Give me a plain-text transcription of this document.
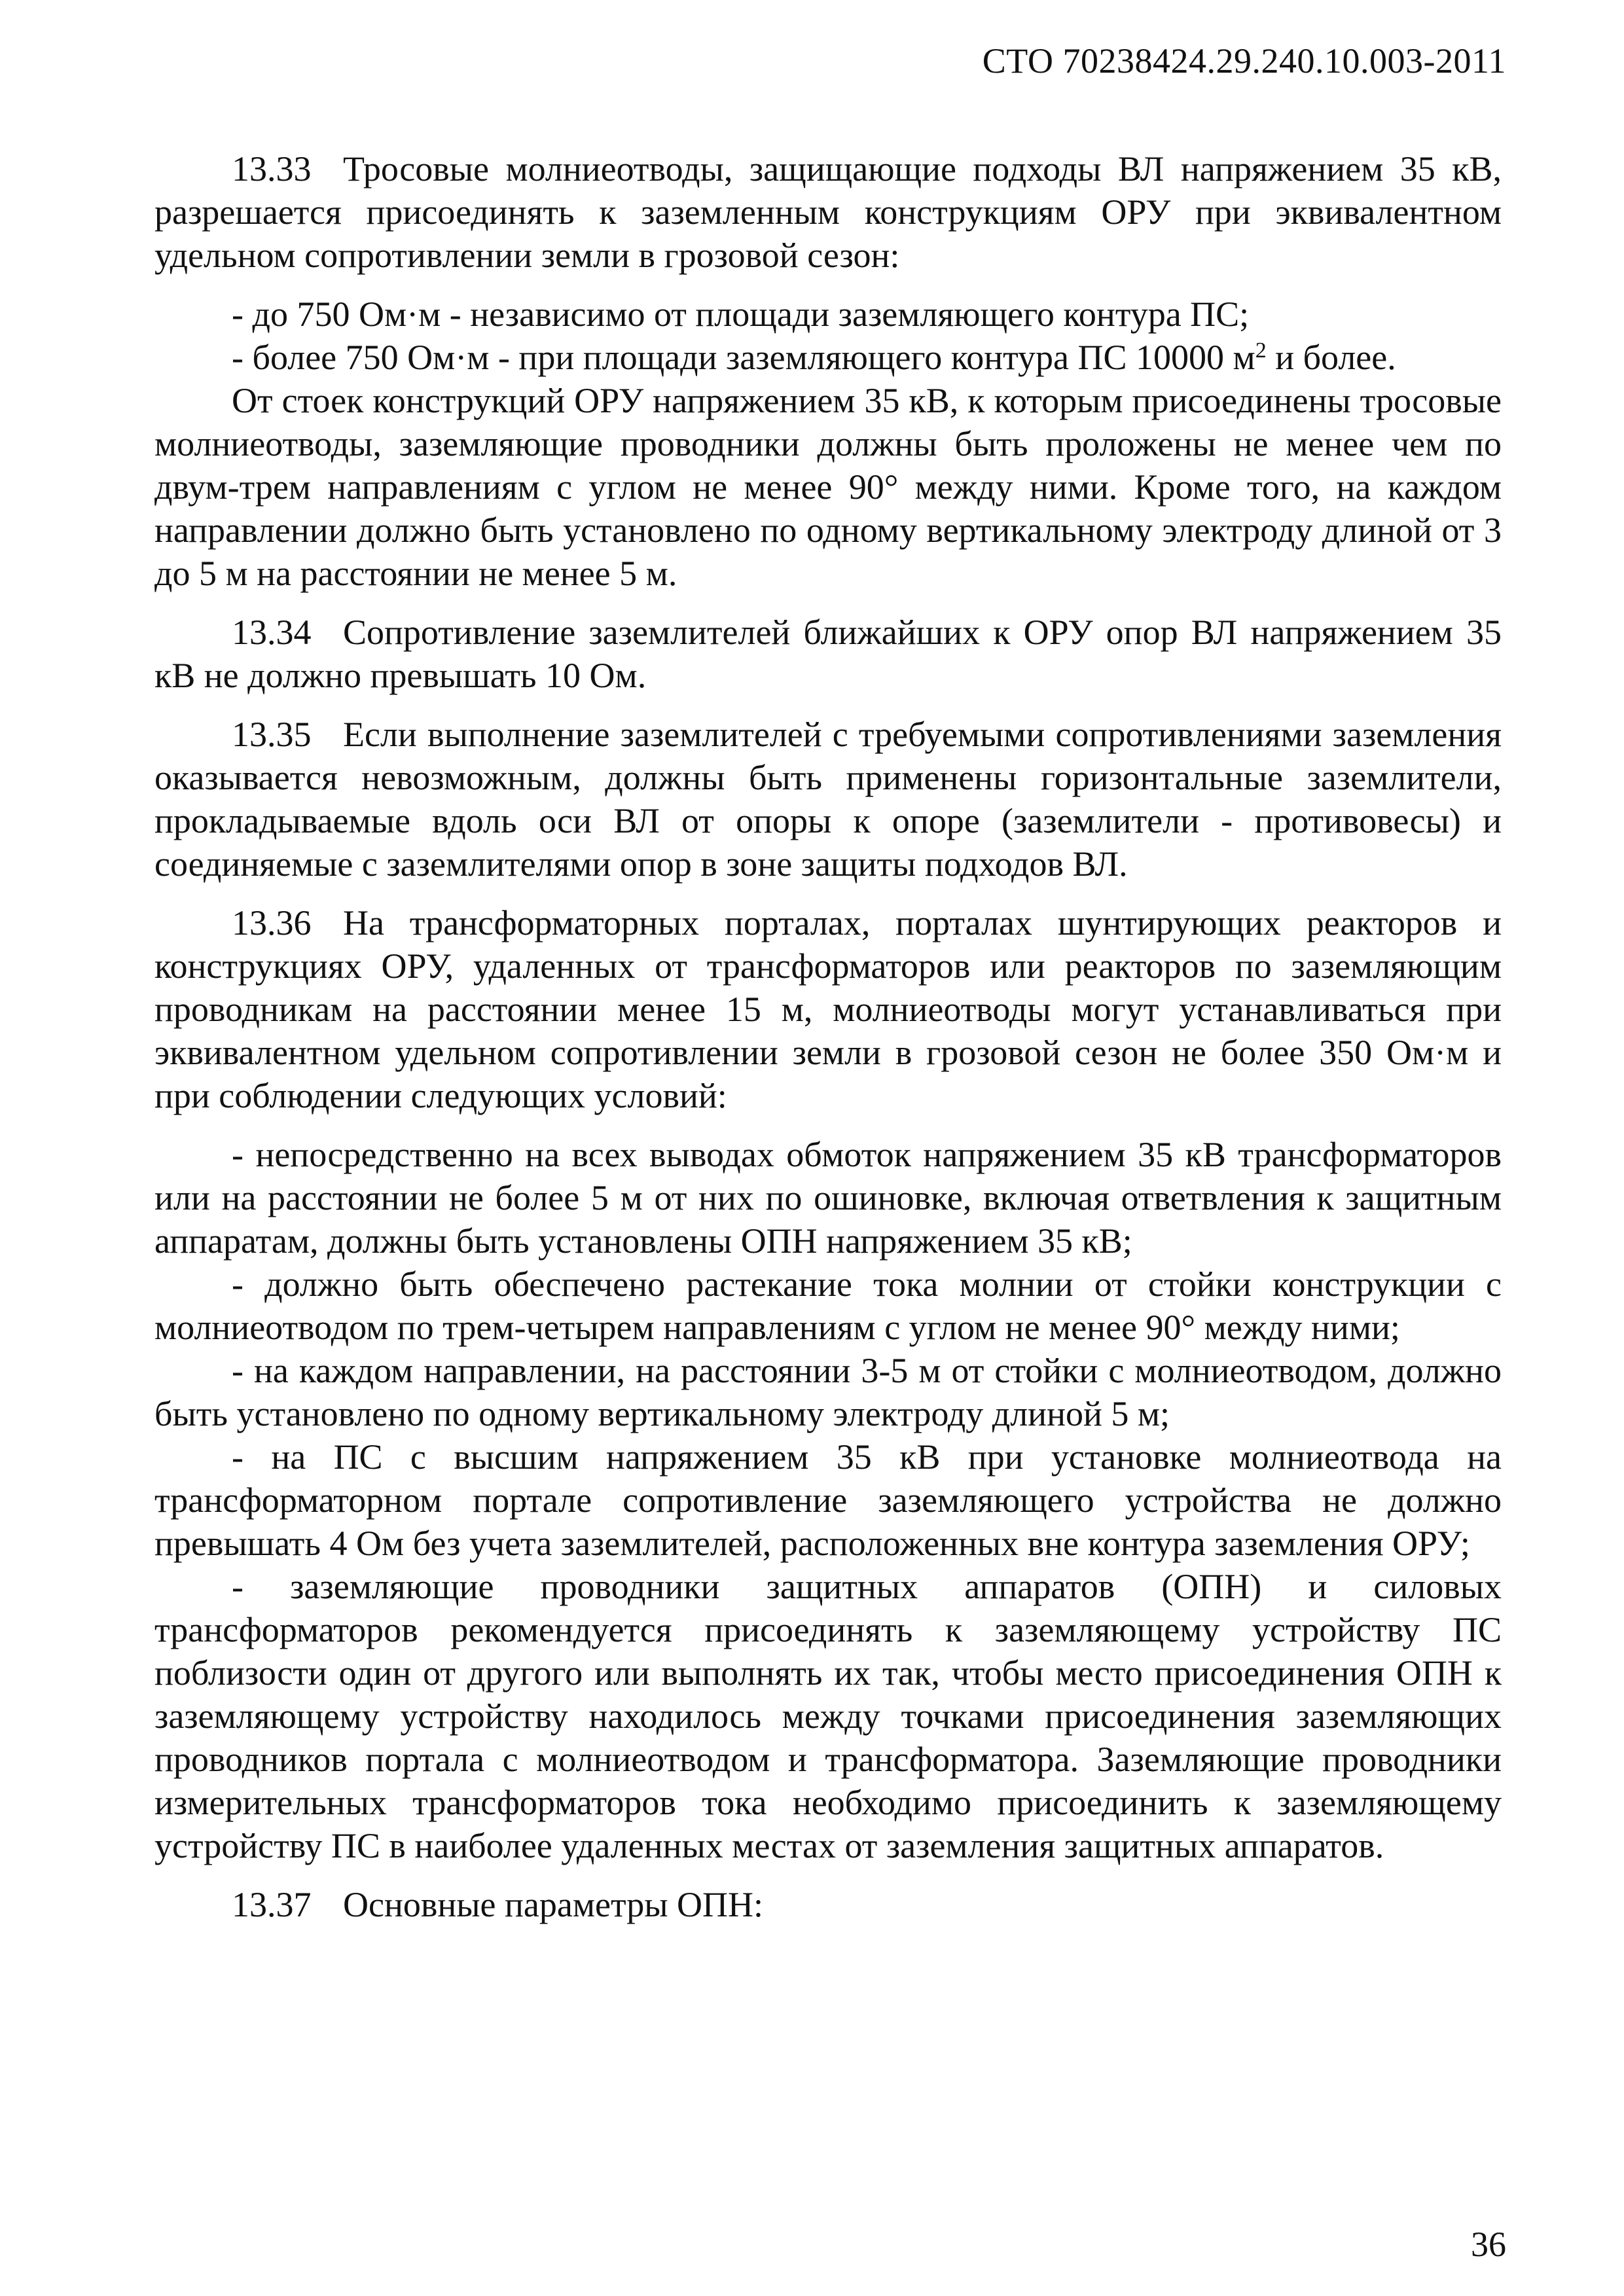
СТО 70238424.29.240.10.003-2011

13.33 Тросовые молниеотводы, защищающие подходы ВЛ напряжением 35 кВ, разрешается присоединять к заземленным конструкциям ОРУ при эквивалентном удельном сопротивлении земли в грозовой сезон:

- до 750 Ом·м - независимо от площади заземляющего контура ПС;

- более 750 Ом·м - при площади заземляющего контура ПС 10000 $м^2$ и более.

От стоек конструкций ОРУ напряжением 35 кВ, к которым присоединены тросовые молниеотводы, заземляющие проводники должны быть проложены не менее чем по двум-трем направлениям с углом не менее 90° между ними. Кроме того, на каждом направлении должно быть установлено по одному вертикальному электроду длиной от 3 до 5 м на расстоянии не менее 5 м.

13.34 Сопротивление заземлителей ближайших к ОРУ опор ВЛ напряжением 35 кВ не должно превышать 10 Ом.

13.35 Если выполнение заземлителей с требуемыми сопротивлениями заземления оказывается невозможным, должны быть применены горизонтальные заземлители, прокладываемые вдоль оси ВЛ от опоры к опоре (заземлители - противовесы) и соединяемые с заземлителями опор в зоне защиты подходов ВЛ.

13.36 На трансформаторных порталах, порталах шунтирующих реакторов и конструкциях ОРУ, удаленных от трансформаторов или реакторов по заземляющим проводникам на расстоянии менее 15 м, молниеотводы могут устанавливаться при эквивалентном удельном сопротивлении земли в грозовой сезон не более 350 Ом·м и при соблюдении следующих условий:

- непосредственно на всех выводах обмоток напряжением 35 кВ трансформаторов или на расстоянии не более 5 м от них по ошиновке, включая ответвления к защитным аппаратам, должны быть установлены ОПН напряжением 35 кВ;

- должно быть обеспечено растекание тока молнии от стойки конструкции с молниеотводом по трем-четырем направлениям с углом не менее 90° между ними;

- на каждом направлении, на расстоянии 3-5 м от стойки с молниеотводом, должно быть установлено по одному вертикальному электроду длиной 5 м;

- на ПС с высшим напряжением 35 кВ при установке молниеотвода на трансформаторном портале сопротивление заземляющего устройства не должно превышать 4 Ом без учета заземлителей, расположенных вне контура заземления ОРУ;

- заземляющие проводники защитных аппаратов (ОПН) и силовых трансформаторов рекомендуется присоединять к заземляющему устройству ПС поблизости один от другого или выполнять их так, чтобы место присоединения ОПН к заземляющему устройству находилось между точками присоединения заземляющих проводников портала с молниеотводом и трансформатора. Заземляющие проводники измерительных трансформаторов тока необходимо присоединить к заземляющему устройству ПС в наиболее удаленных местах от заземления защитных аппаратов.

13.37 Основные параметры ОПН:

36
